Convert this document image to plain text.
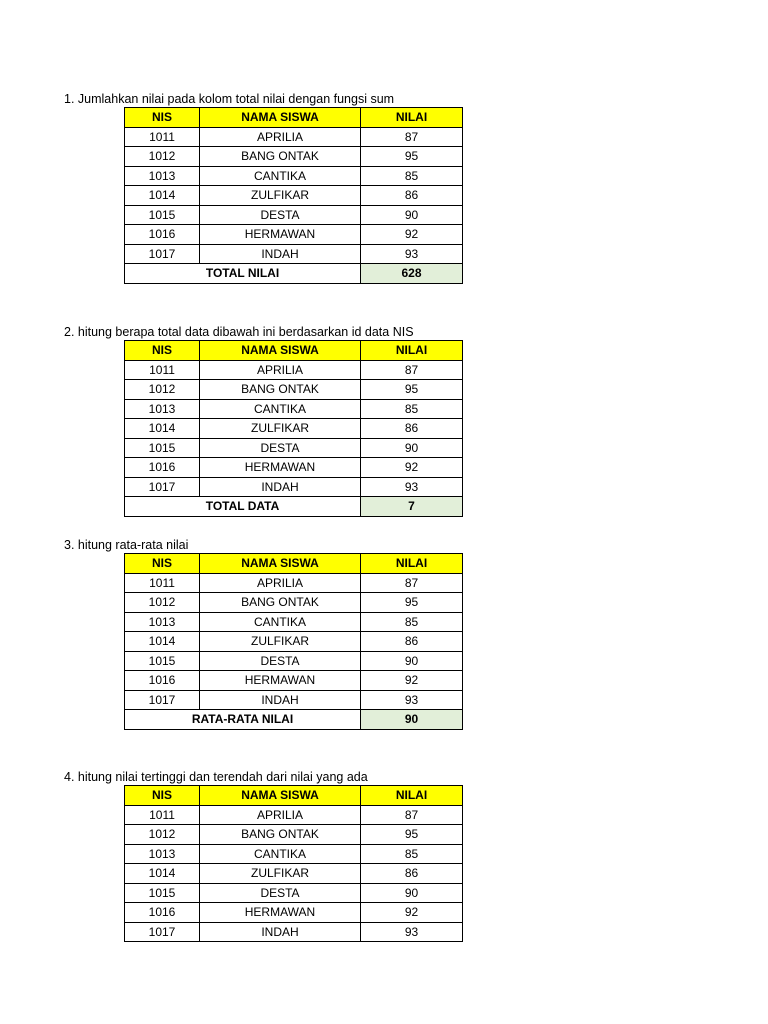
1. Jumlahkan nilai pada kolom total nilai dengan fungsi sum
NIS	NAMA SISWA	NILAI
1011	APRILIA	87
1012	BANG ONTAK	95
1013	CANTIKA	85
1014	ZULFIKAR	86
1015	DESTA	90
1016	HERMAWAN	92
1017	INDAH	93
TOTAL NILAI		628
2. hitung berapa total data dibawah ini berdasarkan id data NIS
NIS	NAMA SISWA	NILAI
1011	APRILIA	87
1012	BANG ONTAK	95
1013	CANTIKA	85
1014	ZULFIKAR	86
1015	DESTA	90
1016	HERMAWAN	92
1017	INDAH	93
TOTAL DATA		7
3. hitung rata-rata nilai
NIS	NAMA SISWA	NILAI
1011	APRILIA	87
1012	BANG ONTAK	95
1013	CANTIKA	85
1014	ZULFIKAR	86
1015	DESTA	90
1016	HERMAWAN	92
1017	INDAH	93
RATA-RATA NILAI		90
4. hitung nilai tertinggi dan terendah dari nilai yang ada
NIS	NAMA SISWA	NILAI
1011	APRILIA	87
1012	BANG ONTAK	95
1013	CANTIKA	85
1014	ZULFIKAR	86
1015	DESTA	90
1016	HERMAWAN	92
1017	INDAH	93
